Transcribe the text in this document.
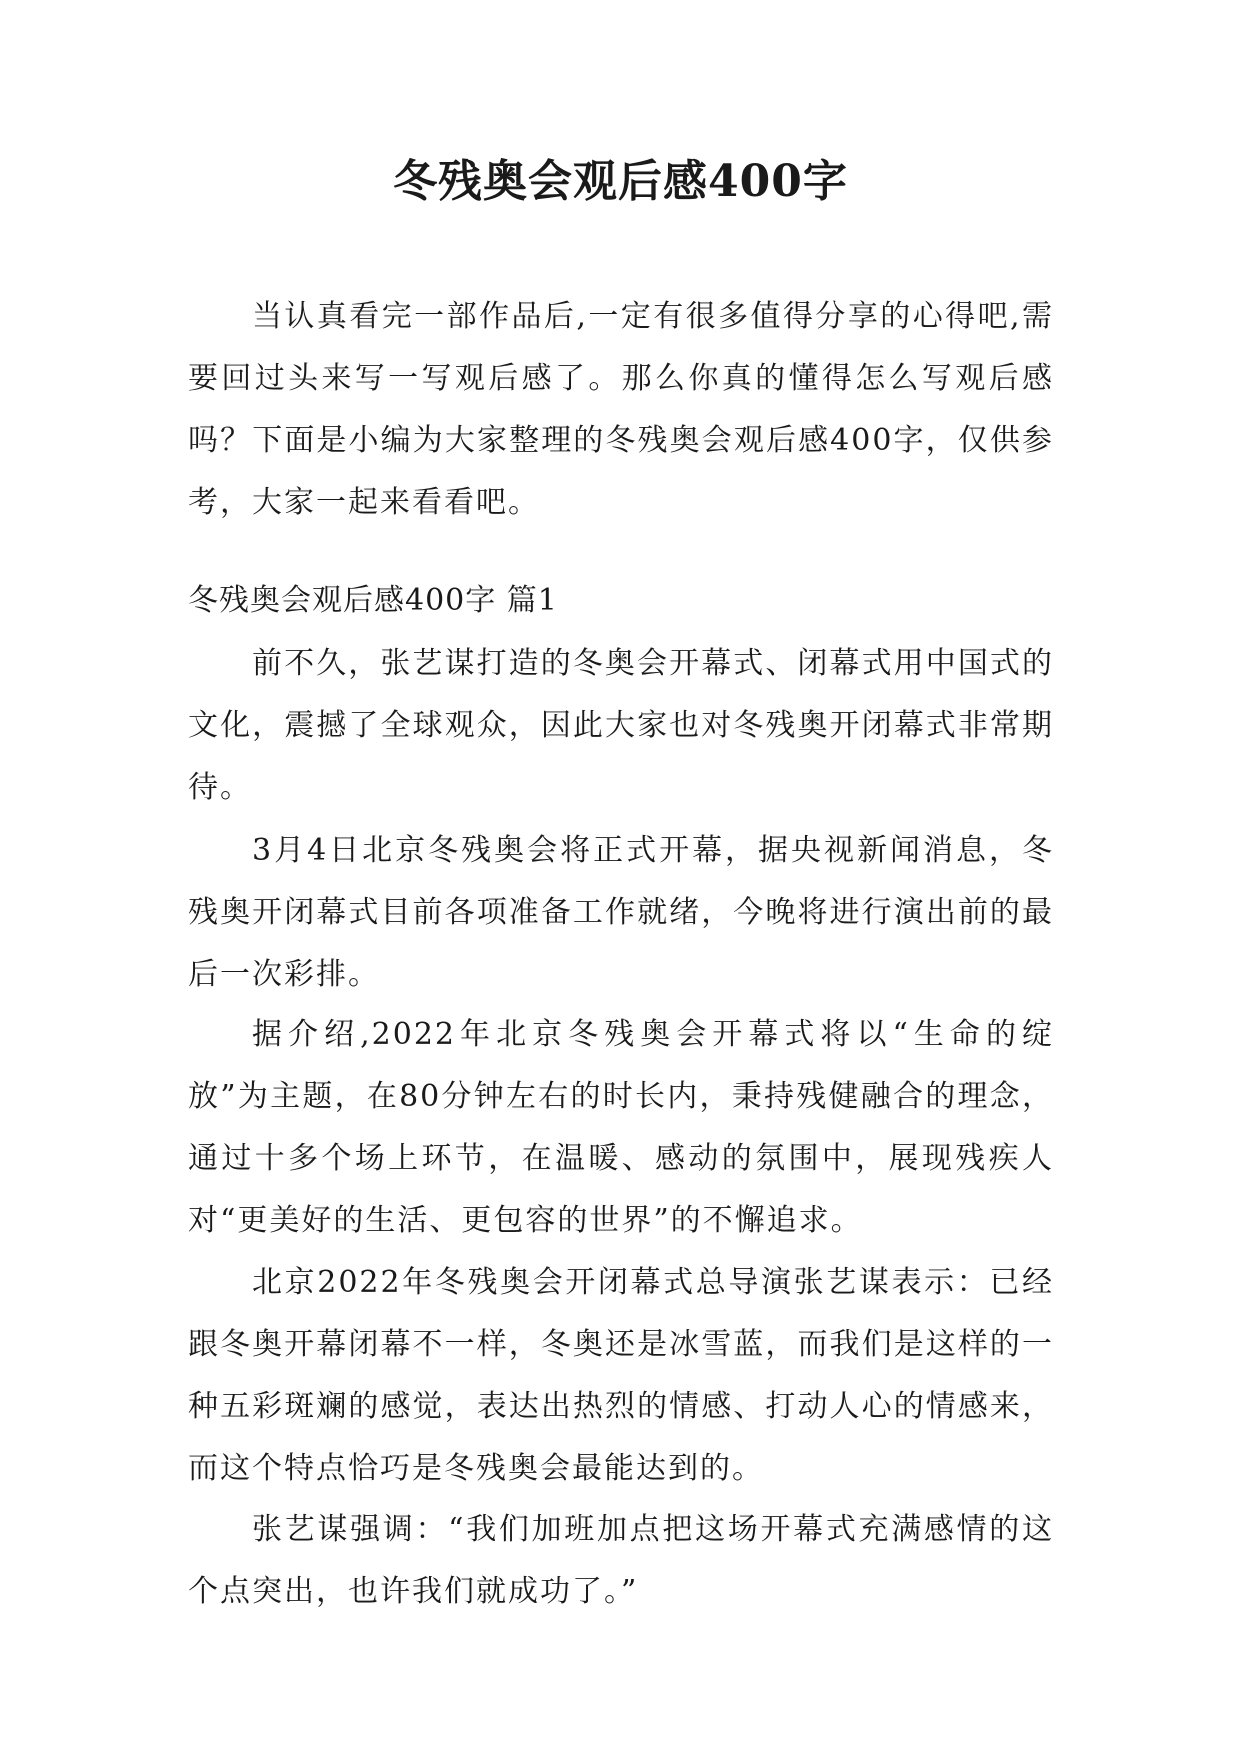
冬残奥会观后感400字

当认真看完一部作品后,一定有很多值得分享的心得吧,需要回过头来写一写观后感了。那么你真的懂得怎么写观后感吗？下面是小编为大家整理的冬残奥会观后感400字，仅供参考，大家一起来看看吧。

冬残奥会观后感400字 篇1

前不久，张艺谋打造的冬奥会开幕式、闭幕式用中国式的文化，震撼了全球观众，因此大家也对冬残奥开闭幕式非常期待。

3月4日北京冬残奥会将正式开幕，据央视新闻消息，冬残奥开闭幕式目前各项准备工作就绪，今晚将进行演出前的最后一次彩排。

据介绍,2022年北京冬残奥会开幕式将以“生命的绽放”为主题，在80分钟左右的时长内，秉持残健融合的理念，通过十多个场上环节，在温暖、感动的氛围中，展现残疾人对“更美好的生活、更包容的世界”的不懈追求。

北京2022年冬残奥会开闭幕式总导演张艺谋表示：已经跟冬奥开幕闭幕不一样，冬奥还是冰雪蓝，而我们是这样的一种五彩斑斓的感觉，表达出热烈的情感、打动人心的情感来，而这个特点恰巧是冬残奥会最能达到的。

张艺谋强调：“我们加班加点把这场开幕式充满感情的这个点突出，也许我们就成功了。”
